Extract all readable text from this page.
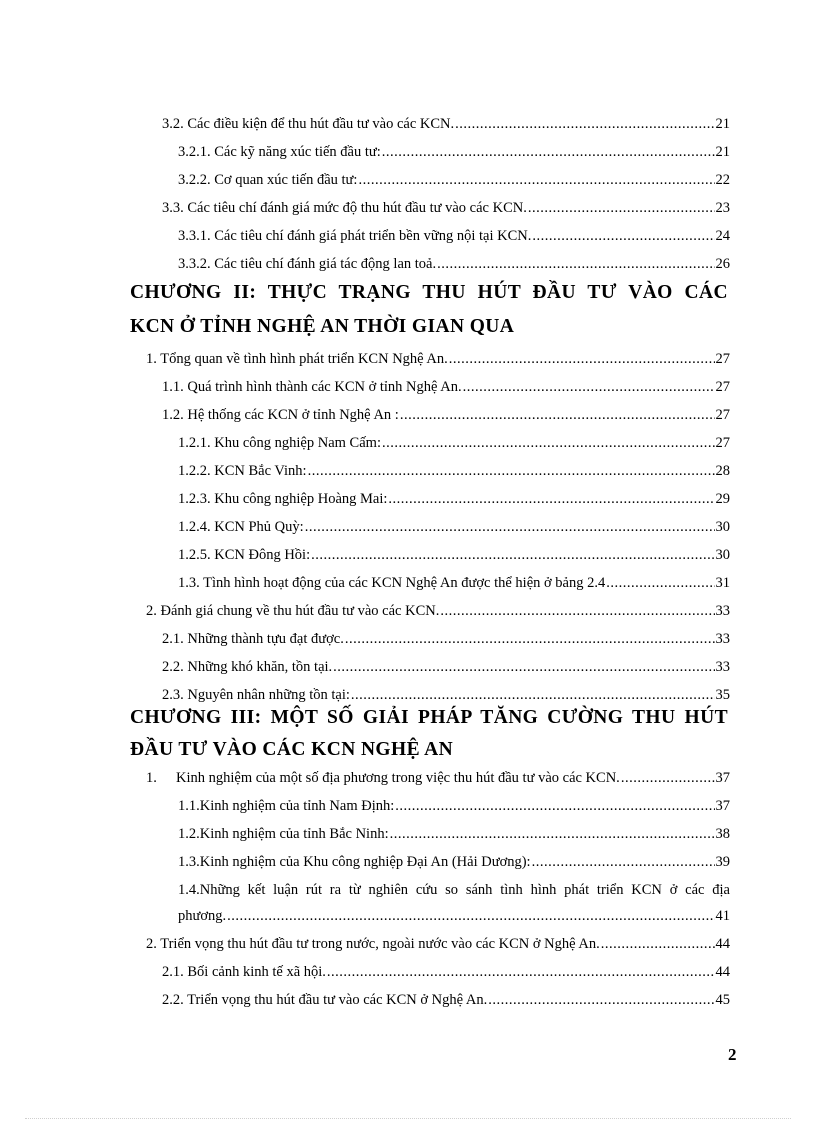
3.2. Các điều kiện để thu hút đầu tư vào các KCN. .....	21
3.2.1. Các kỹ năng xúc tiến đầu tư: .....	21
3.2.2. Cơ quan xúc tiến đầu tư: .....	22
3.3. Các tiêu chí đánh giá mức độ thu hút đầu tư vào các KCN. .....	23
3.3.1. Các tiêu chí đánh giá phát triển bền vững nội tại KCN. .....	24
3.3.2. Các tiêu chí đánh giá tác động lan toả. .....	26
CHƯƠNG II: THỰC TRẠNG THU HÚT ĐẦU TƯ VÀO CÁC
KCN Ở TỈNH NGHỆ AN THỜI GIAN QUA
1. Tổng quan về tình hình phát triển KCN Nghệ An. .....	27
1.1. Quá trình hình thành các KCN ở tỉnh Nghệ An. .....	27
1.2. Hệ thống các KCN ở tỉnh Nghệ An : .....	27
1.2.1. Khu công nghiệp Nam Cấm: .....	27
1.2.2. KCN Bắc Vinh: .....	28
1.2.3. Khu công nghiệp Hoàng Mai: .....	29
1.2.4. KCN Phủ Quỳ: .....	30
1.2.5. KCN Đông Hồi: .....	30
1.3. Tình hình hoạt động của các KCN Nghệ An được thể hiện ở bảng 2.4 .....	31
2. Đánh giá chung về thu hút đầu tư vào các KCN. .....	33
2.1. Những thành tựu đạt được. .....	33
2.2. Những khó khăn, tồn tại. .....	33
2.3. Nguyên nhân những tồn tại: .....	35
CHƯƠNG III: MỘT SỐ GIẢI PHÁP TĂNG CƯỜNG THU HÚT
ĐẦU TƯ VÀO CÁC KCN NGHỆ AN
1.	Kinh nghiệm của một số địa phương trong việc thu hút đầu tư vào các KCN. .....	37
1.1.Kinh nghiệm của tỉnh Nam Định: .....	37
1.2.Kinh nghiệm của tỉnh Bắc Ninh: .....	38
1.3.Kinh nghiệm của Khu công nghiệp Đại An (Hải Dương): .....	39
1.4.Những kết luận rút ra từ nghiên cứu so sánh tình hình phát triển KCN ở các địa
phương. .....	41
2. Triển vọng thu hút đầu tư trong nước, ngoài nước vào các KCN ở Nghệ An. .....	44
2.1. Bối cảnh kinh tế xã hội. .....	44
2.2. Triển vọng thu hút đầu tư vào các KCN ở Nghệ An. .....	45
2
